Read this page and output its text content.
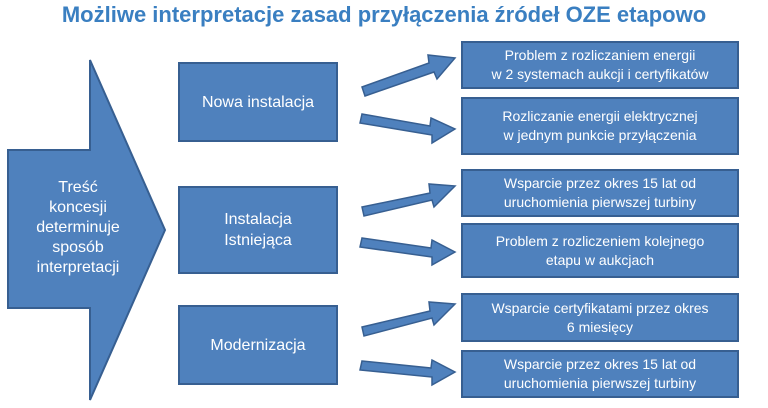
Możliwe interpretacje zasad przyłączenia źródeł OZE etapowo
Treść
koncesji
determinuje
sposób
interpretacji
Nowa instalacja
Instalacja
Istniejąca
Modernizacja
Problem z rozliczaniem energii
w 2 systemach aukcji i certyfikatów
Rozliczanie energii elektrycznej
w jednym punkcie przyłączenia
Wsparcie przez okres 15 lat od
uruchomienia pierwszej turbiny
Problem z rozliczeniem kolejnego
etapu w aukcjach
Wsparcie certyfikatami przez okres
6 miesięcy
Wsparcie przez okres 15 lat od
uruchomienia pierwszej turbiny
